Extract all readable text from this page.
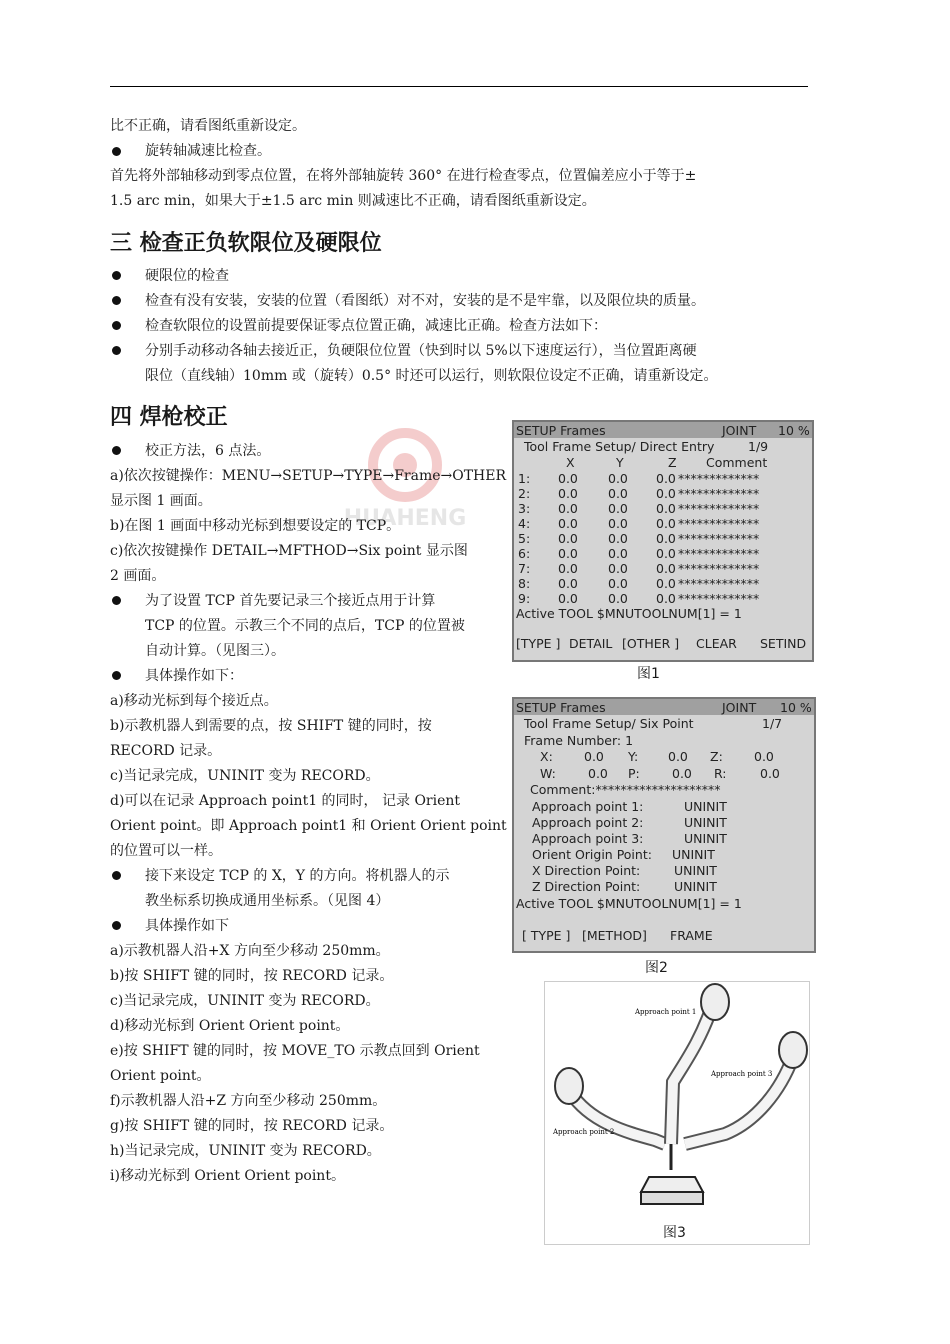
比不正确，请看图纸重新设定。
旋转轴减速比检查。
首先将外部轴移动到零点位置，在将外部轴旋转 360° 在进行检查零点，位置偏差应小于等于±
1.5 arc min，如果大于±1.5 arc min 则减速比不正确，请看图纸重新设定。
三 检查正负软限位及硬限位
硬限位的检查
检查有没有安装，安装的位置（看图纸）对不对，安装的是不是牢靠，以及限位块的质量。
检查软限位的设置前提要保证零点位置正确，减速比正确。检查方法如下：
分别手动移动各轴去接近正，负硬限位位置（快到时以 5%以下速度运行），当位置距离硬
限位（直线轴）10mm 或（旋转）0.5° 时还可以运行，则软限位设定不正确，请重新设定。
四 焊枪校正
HUAHENG
校正方法，6 点法。
a)依次按键操作：MENU→SETUP→TYPE→Frame→OTHER
显示图 1 画面。
b)在图 1 画面中移动光标到想要设定的 TCP。
c)依次按键操作 DETAIL→MFTHOD→Six point 显示图
2 画面。
为了设置 TCP 首先要记录三个接近点用于计算
TCP 的位置。示教三个不同的点后，TCP 的位置被
自动计算。（见图三）。
具体操作如下：
a)移动光标到每个接近点。
b)示教机器人到需要的点，按 SHIFT 键的同时，按
RECORD 记录。
c)当记录完成，UNINIT 变为 RECORD。
d)可以在记录 Approach point1 的同时， 记录 Orient
Orient point。即 Approach point1 和 Orient Orient point
的位置可以一样。
接下来设定 TCP 的 X，Y 的方向。将机器人的示
教坐标系切换成通用坐标系。（见图 4）
具体操作如下
a)示教机器人沿+X 方向至少移动 250mm。
b)按 SHIFT 键的同时，按 RECORD 记录。
c)当记录完成，UNINIT 变为 RECORD。
d)移动光标到 Orient Orient point。
e)按 SHIFT 键的同时，按 MOVE_TO 示教点回到 Orient
Orient point。
f)示教机器人沿+Z 方向至少移动 250mm。
g)按 SHIFT 键的同时，按 RECORD 记录。
h)当记录完成，UNINIT 变为 RECORD。
i)移动光标到 Orient Orient point。
SETUP Frames	JOINT 10 %
Tool Frame Setup/ Direct Entry	1/9
X	Y	Z Comment
1: 0.0 0.0 0.0 *************
2: 0.0 0.0 0.0 *************
3: 0.0 0.0 0.0 *************
4: 0.0 0.0 0.0 *************
5: 0.0 0.0 0.0 *************
6: 0.0 0.0 0.0 *************
7: 0.0 0.0 0.0 *************
8: 0.0 0.0 0.0 *************
9: 0.0 0.0 0.0 *************
Active TOOL $MNUTOOLNUM[1] = 1
[TYPE ] DETAIL [OTHER ] CLEAR SETIND
图1
SETUP Frames	JOINT 10 %
Tool Frame Setup/ Six Point	1/7
Frame Number: 1
X: 0.0 Y: 0.0 Z: 0.0
W:	0.0 P:	0.0 R:	0.0
Comment:********************
Approach point 1:	UNINIT
Approach point 2:	UNINIT
Approach point 3:	UNINIT
Orient Origin Point: UNINIT
X Direction Point:	UNINIT
Z Direction Point:	UNINIT
Active TOOL $MNUTOOLNUM[1] = 1
[ TYPE ] [METHOD] FRAME
图2
Approach point 1
Approach point 2
Approach point 3
图3
